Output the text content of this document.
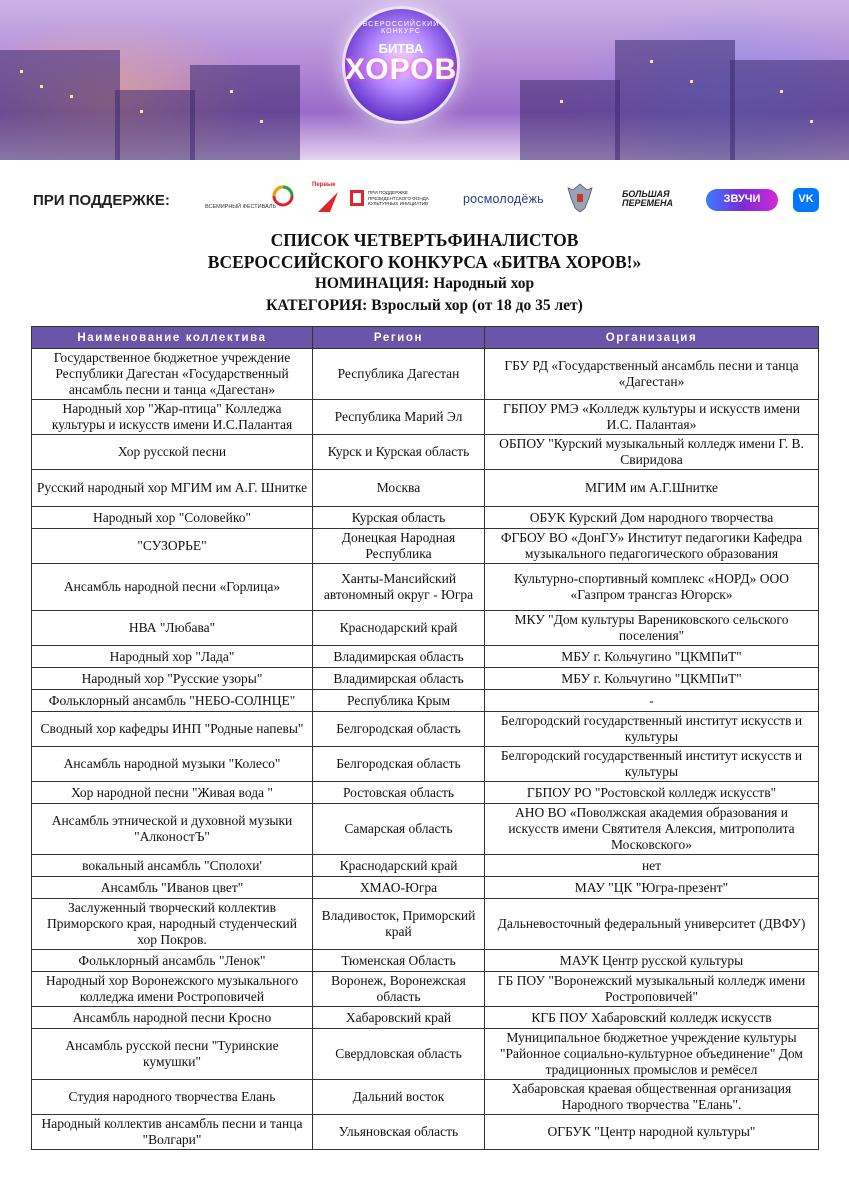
ВСЕРОССИЙСКИЙ КОНКУРС
БИТВА
ХОРОВ
ПРИ ПОДДЕРЖКЕ:	ВСЕМИРНЫЙ ФЕСТИВАЛЬ
Первые
ПРИ ПОДДЕРЖКЕ ПРЕЗИДЕНТСКОГО ФОНДА КУЛЬТУРНЫХ ИНИЦИАТИВ	росмолодёжь	БОЛЬШАЯ ПЕРЕМЕНА	ЗВУЧИ	VK
СПИСОК ЧЕТВЕРТЬФИНАЛИСТОВ
ВСЕРОССИЙСКОГО КОНКУРСА «БИТВА ХОРОВ!»
НОМИНАЦИЯ: Народный хор
КАТЕГОРИЯ: Взрослый хор (от 18 до 35 лет)
Наименование коллектива	Регион	Организация
Государственное бюджетное учреждение Республики Дагестан «Государственный ансамбль песни и танца «Дагестан»	Республика Дагестан	ГБУ РД «Государственный ансамбль песни и танца «Дагестан»
Народный хор "Жар-птица" Колледжа культуры и искусств имени И.С.Палантая	Республика Марий Эл	ГБПОУ РМЭ «Колледж культуры и искусств имени И.С. Палантая»
Хор русской песни	Курск и Курская область	ОБПОУ "Курский музыкальный колледж имени Г. В. Свиридова
Русский народный хор МГИМ им А.Г. Шнитке	Москва	МГИМ им А.Г.Шнитке
Народный хор "Соловейко"	Курская область	ОБУК Курский Дом народного творчества
"СУЗОРЬЕ"	Донецкая Народная Республика	ФГБОУ ВО «ДонГУ» Институт педагогики Кафедра музыкального педагогического образования
Ансамбль народной песни «Горлица»	Ханты-Мансийский автономный округ - Югра	Культурно-спортивный комплекс «НОРД» ООО «Газпром трансгаз Югорск»
НВА "Любава"	Краснодарский край	МКУ "Дом культуры Варениковского сельского поселения"
Народный хор "Лада"	Владимирская область	МБУ г. Кольчугино "ЦКМПиТ"
Народный хор "Русские узоры"	Владимирская область	МБУ г. Кольчугино "ЦКМПиТ"
Фольклорный ансамбль "НЕБО-СОЛНЦЕ"	Республика Крым	-
Сводный хор кафедры ИНП "Родные напевы"	Белгородская область	Белгородский государственный институт искусств и культуры
Ансамбль народной музыки "Колесо"	Белгородская область	Белгородский государственный институт искусств и культуры
Хор народной песни "Живая вода "	Ростовская область	ГБПОУ РО "Ростовской колледж искусств"
Ансамбль этнической и духовной музыки "АлконостЪ"	Самарская область	АНО ВО «Поволжская академия образования и искусств имени Святителя Алексия, митрополита Московского»
вокальный ансамбль "Сполохи'	Краснодарский край	нет
Ансамбль "Иванов цвет"	ХМАО-Югра	МАУ "ЦК "Югра-презент"
Заслуженный творческий коллектив Приморского края, народный студенческий хор Покров.	Владивосток, Приморский край	Дальневосточный федеральный университет (ДВФУ)
Фольклорный ансамбль "Ленок"	Тюменская Область	МАУК Центр русской культуры
Народный хор Воронежского музыкального колледжа имени Ростроповичей	Воронеж, Воронежская область	ГБ ПОУ "Воронежский музыкальный колледж имени Ростроповичей"
Ансамбль народной песни Кросно	Хабаровский край	КГБ ПОУ Хабаровский колледж искусств
Ансамбль русской песни "Туринские кумушки"	Свердловская область	Муниципальное бюджетное учреждение культуры "Районное социально-культурное объединение" Дом традиционных промыслов и ремёсел
Студия народного творчества Елань	Дальний восток	Хабаровская краевая общественная организация Народного творчества "Елань".
Народный коллектив ансамбль песни и танца "Волгари"	Ульяновская область	ОГБУК "Центр народной культуры"
